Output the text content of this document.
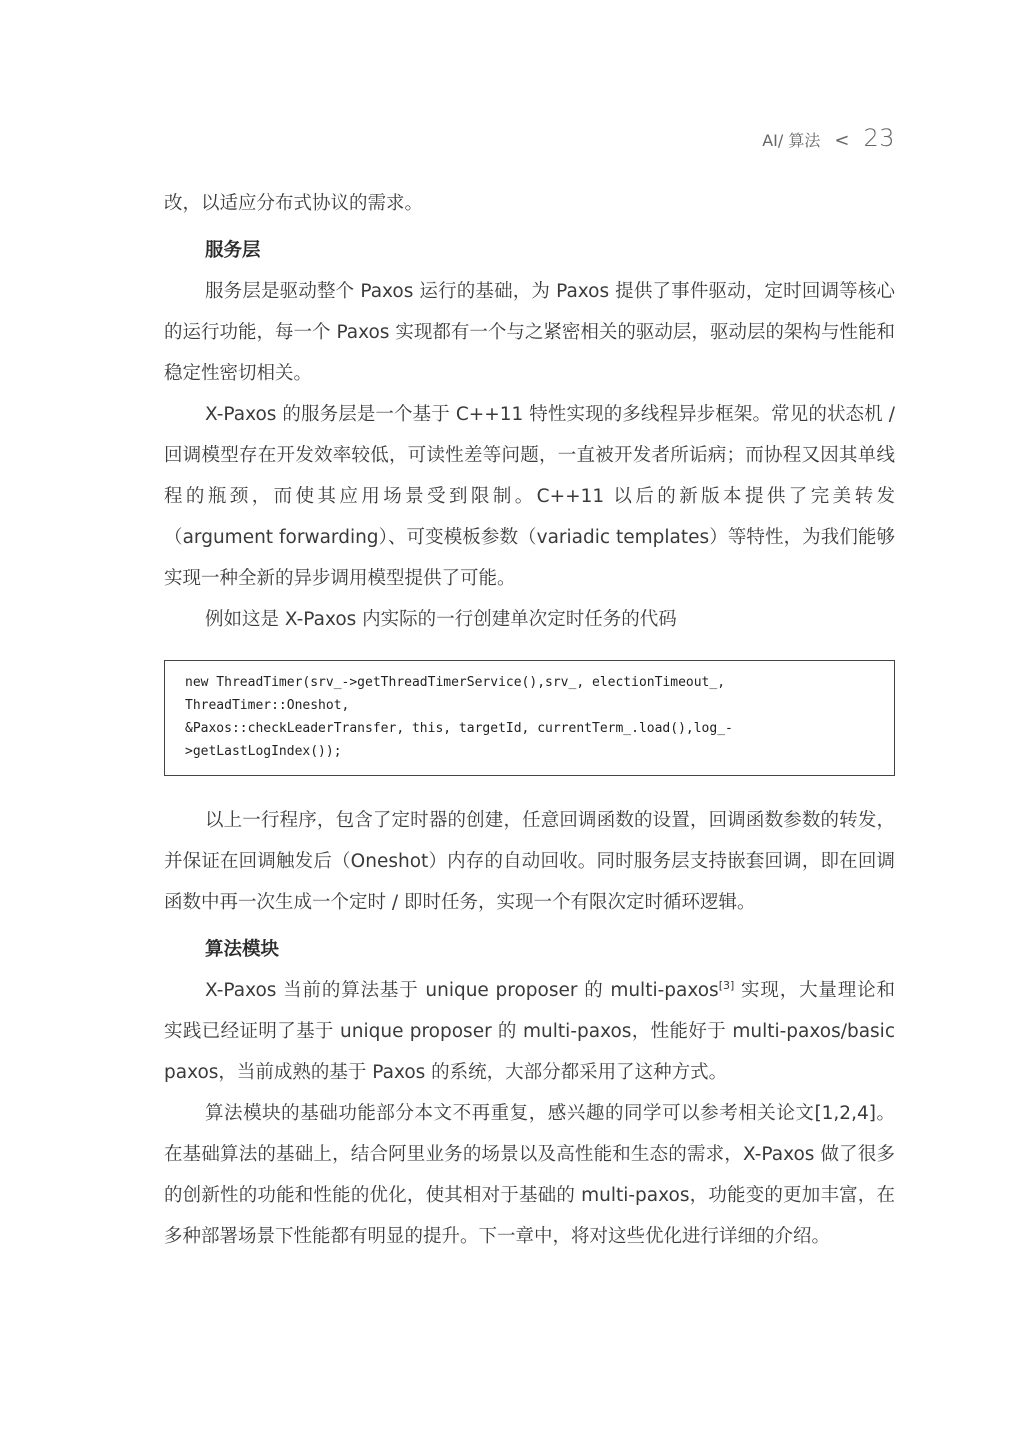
AI/ 算法 < 23

改，以适应分布式协议的需求。

服务层

服务层是驱动整个 Paxos 运行的基础，为 Paxos 提供了事件驱动，定时回调等核心的运行功能，每一个 Paxos 实现都有一个与之紧密相关的驱动层，驱动层的架构与性能和稳定性密切相关。

X-Paxos 的服务层是一个基于 C++11 特性实现的多线程异步框架。常见的状态机 / 回调模型存在开发效率较低，可读性差等问题，一直被开发者所诟病；而协程又因其单线程的瓶颈，而使其应用场景受到限制。C++11 以后的新版本提供了完美转发（argument forwarding）、可变模板参数（variadic templates）等特性，为我们能够实现一种全新的异步调用模型提供了可能。

例如这是 X-Paxos 内实际的一行创建单次定时任务的代码

new ThreadTimer(srv_->getThreadTimerService(),srv_, electionTimeout_,
ThreadTimer::Oneshot,
&Paxos::checkLeaderTransfer, this, targetId, currentTerm_.load(),log_-
>getLastLogIndex());

以上一行程序，包含了定时器的创建，任意回调函数的设置，回调函数参数的转发，并保证在回调触发后（Oneshot）内存的自动回收。同时服务层支持嵌套回调，即在回调函数中再一次生成一个定时 / 即时任务，实现一个有限次定时循环逻辑。

算法模块

X-Paxos 当前的算法基于 unique proposer 的 multi-paxos[3] 实现，大量理论和实践已经证明了基于 unique proposer 的 multi-paxos，性能好于 multi-paxos/basic paxos，当前成熟的基于 Paxos 的系统，大部分都采用了这种方式。

算法模块的基础功能部分本文不再重复，感兴趣的同学可以参考相关论文[1,2,4]。在基础算法的基础上，结合阿里业务的场景以及高性能和生态的需求，X-Paxos 做了很多的创新性的功能和性能的优化，使其相对于基础的 multi-paxos，功能变的更加丰富，在多种部署场景下性能都有明显的提升。下一章中，将对这些优化进行详细的介绍。
